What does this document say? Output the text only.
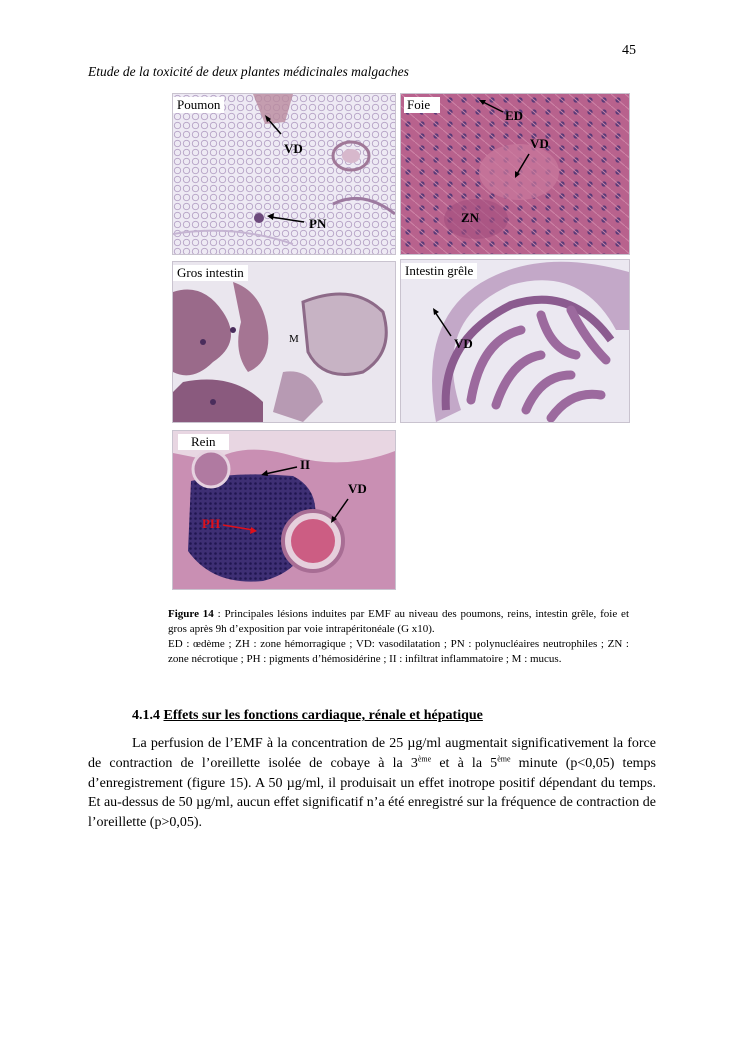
45
Etude de la toxicité de deux plantes médicinales malgaches
Poumon
VD
PN
Foie
ED
VD
ZN
Gros intestin
M
Intestin grêle
VD
Rein
II
VD
PH

Figure 14 : Principales lésions induites par EMF au niveau des poumons, reins, intestin grêle, foie et gros après 9h d’exposition par voie intrapéritonéale (G x10).

ED : œdème ; ZH : zone hémorragique ; VD: vasodilatation ; PN : polynucléaires neutrophiles ; ZN : zone nécrotique ; PH : pigments d’hémosidérine ; II : infiltrat inflammatoire ; M : mucus.

4.1.4 Effets sur les fonctions cardiaque, rénale et hépatique

La perfusion de l’EMF à la concentration de 25 µg/ml augmentait significativement la force de contraction de l’oreillette isolée de cobaye à la 3ème et à la 5ème minute (p<0,05) temps d’enregistrement (figure 15). A 50 µg/ml, il produisait un effet inotrope positif dépendant du temps. Et au-dessus de 50 µg/ml, aucun effet significatif n’a été enregistré sur la fréquence de contraction de l’oreillette (p>0,05).
